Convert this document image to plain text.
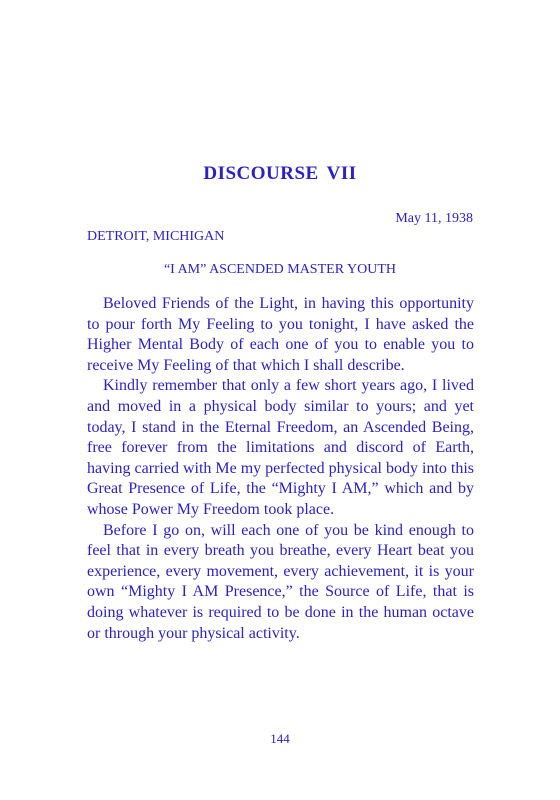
DISCOURSE VII
May 11, 1938
DETROIT, MICHIGAN
“I AM” ASCENDED MASTER YOUTH

Beloved Friends of the Light, in having this opportunity to pour forth My Feeling to you tonight, I have asked the Higher Mental Body of each one of you to enable you to receive My Feeling of that which I shall describe.

Kindly remember that only a few short years ago, I lived and moved in a physical body similar to yours; and yet today, I stand in the Eternal Freedom, an Ascended Being, free forever from the limitations and discord of Earth, having carried with Me my perfected physical body into this Great Presence of Life, the “Mighty I AM,” which and by whose Power My Freedom took place.

Before I go on, will each one of you be kind enough to feel that in every breath you breathe, every Heart beat you experience, every movement, every achievement, it is your own “Mighty I AM Presence,” the Source of Life, that is doing whatever is required to be done in the human octave or through your physical activity.

144
